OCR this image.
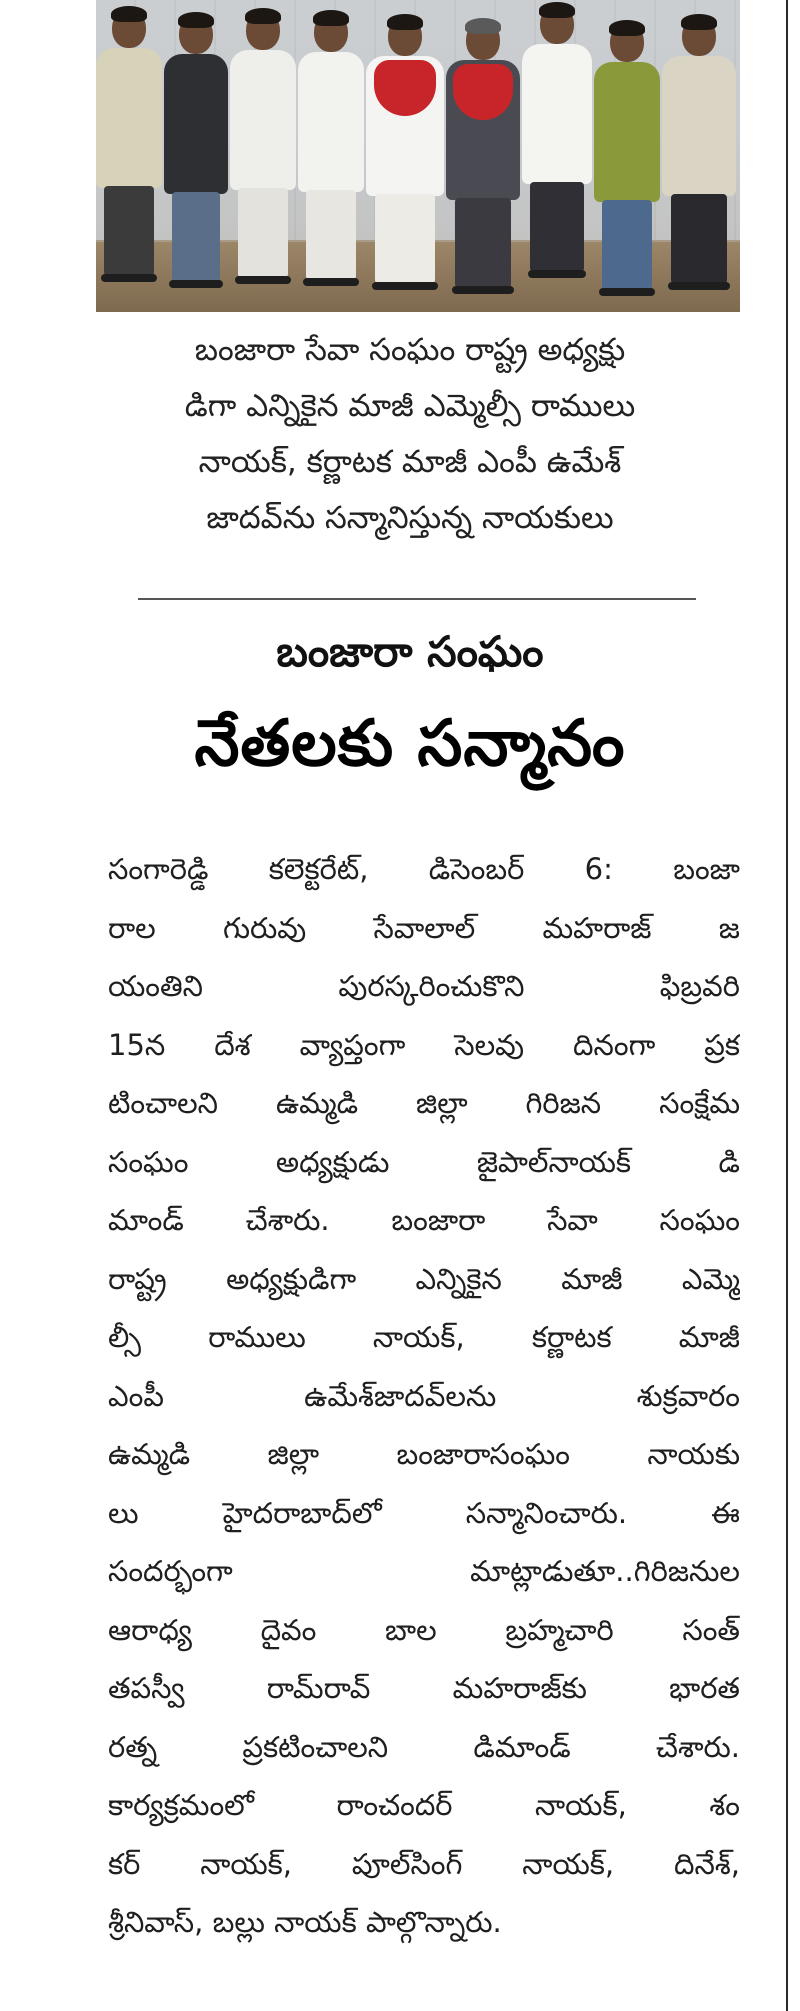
బంజారా సేవా సంఘం రాష్ట్ర అధ్యక్షు
డిగా ఎన్నికైన మాజీ ఎమ్మెల్సీ రాములు
నాయక్, కర్ణాటక మాజీ ఎంపీ ఉమేశ్
జాదవ్‌ను సన్మానిస్తున్న నాయకులు

బంజారా సంఘం
నేతలకు సన్మానం

సంగారెడ్డి కలెక్టరేట్, డిసెంబర్ 6: బంజా
రాల గురువు సేవాలాల్ మహరాజ్ జ
యంతిని పురస్కరించుకొని ఫిబ్రవరి
15న దేశ వ్యాప్తంగా సెలవు దినంగా ప్రక
టించాలని ఉమ్మడి జిల్లా గిరిజన సంక్షేమ
సంఘం అధ్యక్షుడు జైపాల్‌నాయక్ డి
మాండ్ చేశారు. బంజారా సేవా సంఘం
రాష్ట్ర అధ్యక్షుడిగా ఎన్నికైన మాజీ ఎమ్మె
ల్సీ రాములు నాయక్, కర్ణాటక మాజీ
ఎంపీ ఉమేశ్‌జాదవ్‌లను శుక్రవారం
ఉమ్మడి జిల్లా బంజారాసంఘం నాయకు
లు హైదరాబాద్‌లో సన్మానించారు. ఈ
సందర్భంగా మాట్లాడుతూ..గిరిజనుల
ఆరాధ్య దైవం బాల బ్రహ్మచారి సంత్
తపస్వీ రామ్‌రావ్ మహరాజ్‌కు భారత
రత్న ప్రకటించాలని డిమాండ్ చేశారు.
కార్యక్రమంలో రాంచందర్ నాయక్, శం
కర్ నాయక్, పూల్‌సింగ్ నాయక్, దినేశ్,
శ్రీనివాస్, బల్లు నాయక్ పాల్గొన్నారు.
